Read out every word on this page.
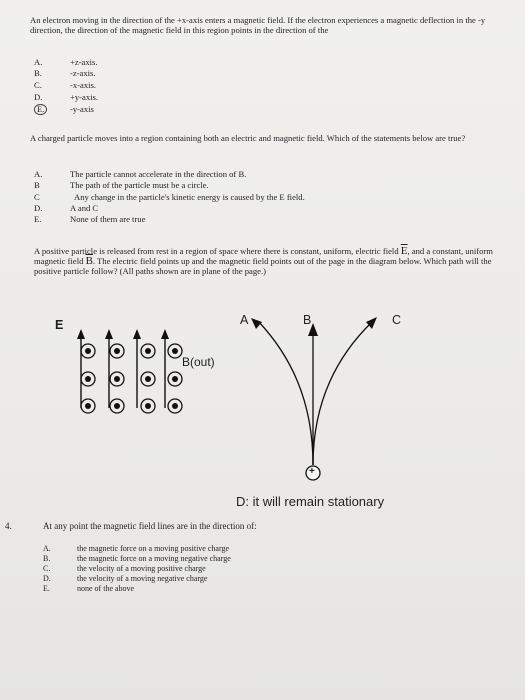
An electron moving in the direction of the +x-axis enters a magnetic field. If the electron experiences a magnetic deflection in the -y direction, the direction of the magnetic field in this region points in the direction of the
A.	+z-axis.
B.	-z-axis.
C.	-x-axis.
D.	+y-axis.
E.	-y-axis
A charged particle moves into a region containing both an electric and magnetic field. Which of the statements below are true?
A.	The particle cannot accelerate in the direction of B.
B	The path of the particle must be a circle.
C	Any change in the particle's kinetic energy is caused by the E field.
D.	A and C
E.	None of them are true
A positive particle is released from rest in a region of space where there is constant, uniform, electric field $\overline{E}$, and a constant, uniform magnetic field $\overline{B}$. The electric field points up and the magnetic field points out of the page in the diagram below. Which path will the positive particle follow? (All paths shown are in plane of the page.)
E
B(out)
A	B	C
+
D: it will remain stationary
4.	At any point the magnetic field lines are in the direction of:
A.	the magnetic force on a moving positive charge
B.	the magnetic force on a moving negative charge
C.	the velocity of a moving positive charge
D.	the velocity of a moving negative charge
E.	none of the above
